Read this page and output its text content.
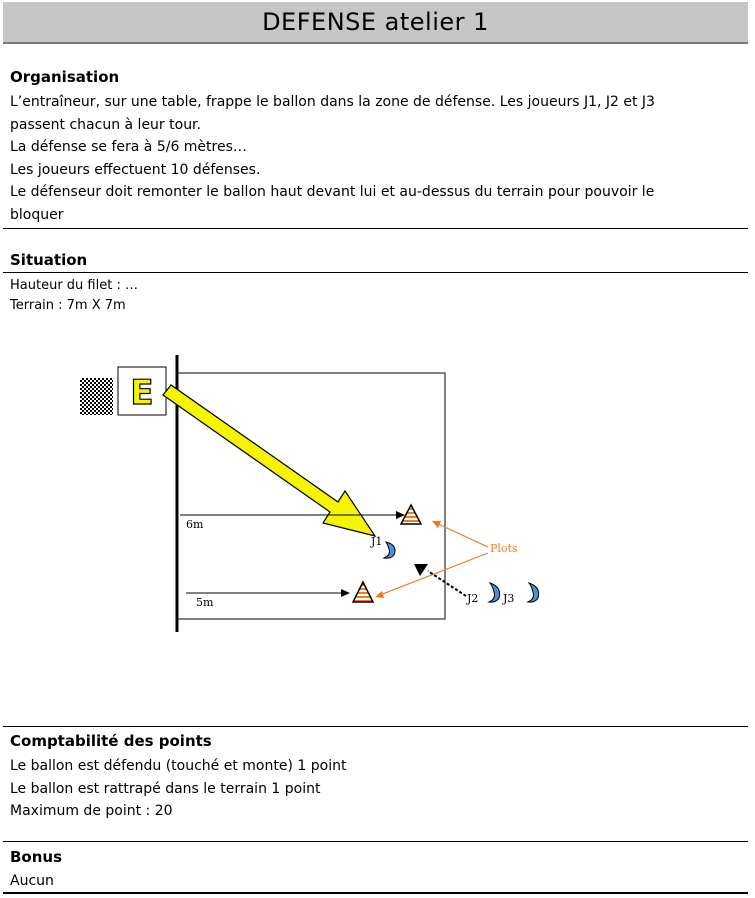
DEFENSE atelier 1
Organisation
L’entraîneur, sur une table, frappe le ballon dans la zone de défense. Les joueurs J1, J2 et J3
passent chacun à leur tour.
La défense se fera à 5/6 mètres…
Les joueurs effectuent 10 défenses.
Le défenseur doit remonter le ballon haut devant lui et au-dessus du terrain pour pouvoir le
bloquer
Situation
Hauteur du filet : …
Terrain : 7m X 7m
E
6m
5m
Plots
J1
J2 J3
Comptabilité des points
Le ballon est défendu (touché et monte) 1 point
Le ballon est rattrapé dans le terrain 1 point
Maximum de point : 20
Bonus
Aucun
